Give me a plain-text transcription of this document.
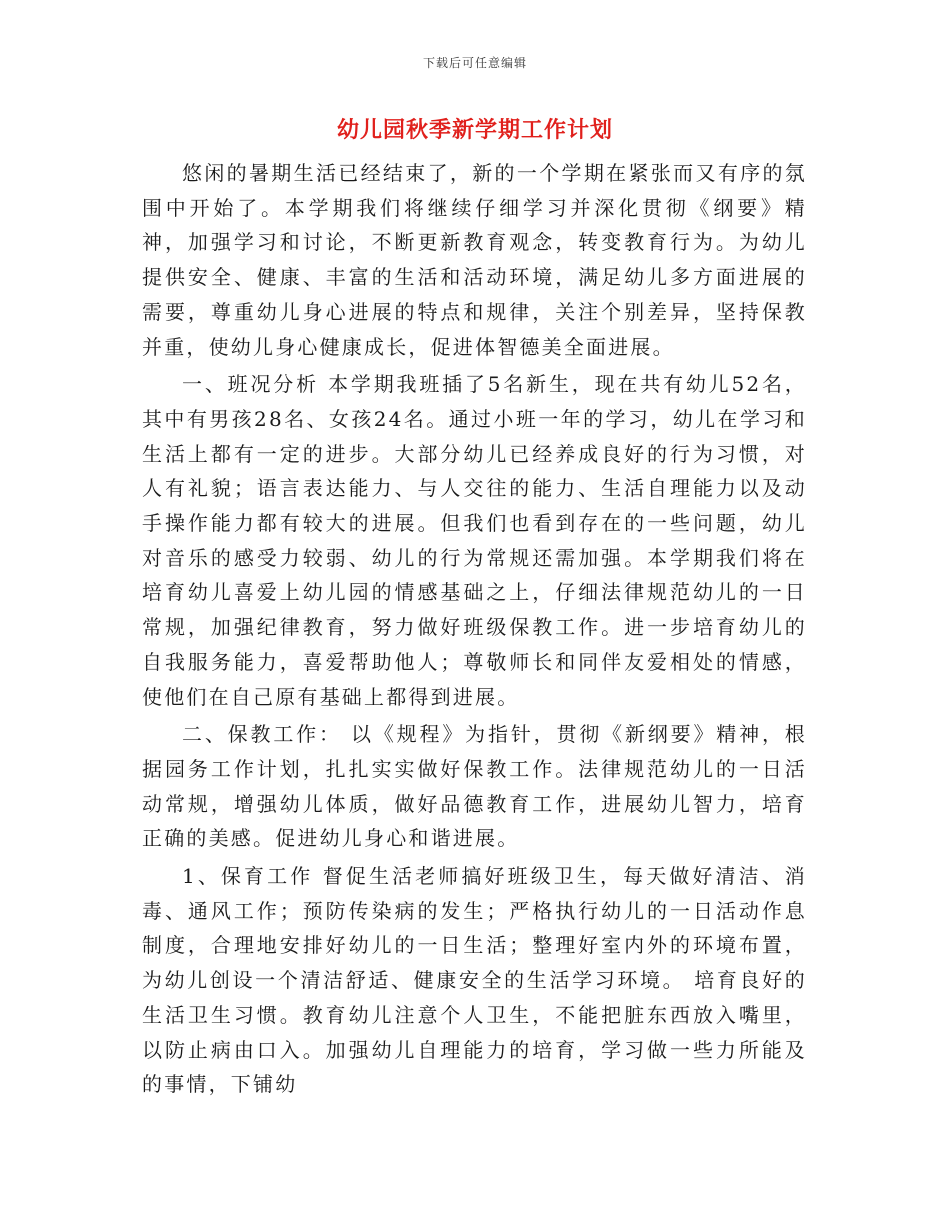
下载后可任意编辑
幼儿园秋季新学期工作计划

悠闲的暑期生活已经结束了，新的一个学期在紧张而又有序的氛围中开始了。本学期我们将继续仔细学习并深化贯彻《纲要》精神，加强学习和讨论，不断更新教育观念，转变教育行为。为幼儿提供安全、健康、丰富的生活和活动环境，满足幼儿多方面进展的需要，尊重幼儿身心进展的特点和规律，关注个别差异，坚持保教并重，使幼儿身心健康成长，促进体智德美全面进展。

一、班况分析 本学期我班插了5名新生，现在共有幼儿52名，其中有男孩28名、女孩24名。通过小班一年的学习，幼儿在学习和生活上都有一定的进步。大部分幼儿已经养成良好的行为习惯，对人有礼貌；语言表达能力、与人交往的能力、生活自理能力以及动手操作能力都有较大的进展。但我们也看到存在的一些问题，幼儿对音乐的感受力较弱、幼儿的行为常规还需加强。本学期我们将在培育幼儿喜爱上幼儿园的情感基础之上，仔细法律规范幼儿的一日常规，加强纪律教育，努力做好班级保教工作。进一步培育幼儿的自我服务能力，喜爱帮助他人；尊敬师长和同伴友爱相处的情感，使他们在自己原有基础上都得到进展。

二、保教工作： 以《规程》为指针，贯彻《新纲要》精神，根据园务工作计划，扎扎实实做好保教工作。法律规范幼儿的一日活动常规，增强幼儿体质，做好品德教育工作，进展幼儿智力，培育正确的美感。促进幼儿身心和谐进展。

1、保育工作 督促生活老师搞好班级卫生，每天做好清洁、消毒、通风工作；预防传染病的发生；严格执行幼儿的一日活动作息制度，合理地安排好幼儿的一日生活；整理好室内外的环境布置，为幼儿创设一个清洁舒适、健康安全的生活学习环境。 培育良好的生活卫生习惯。教育幼儿注意个人卫生，不能把脏东西放入嘴里，以防止病由口入。加强幼儿自理能力的培育，学习做一些力所能及的事情，下铺幼
